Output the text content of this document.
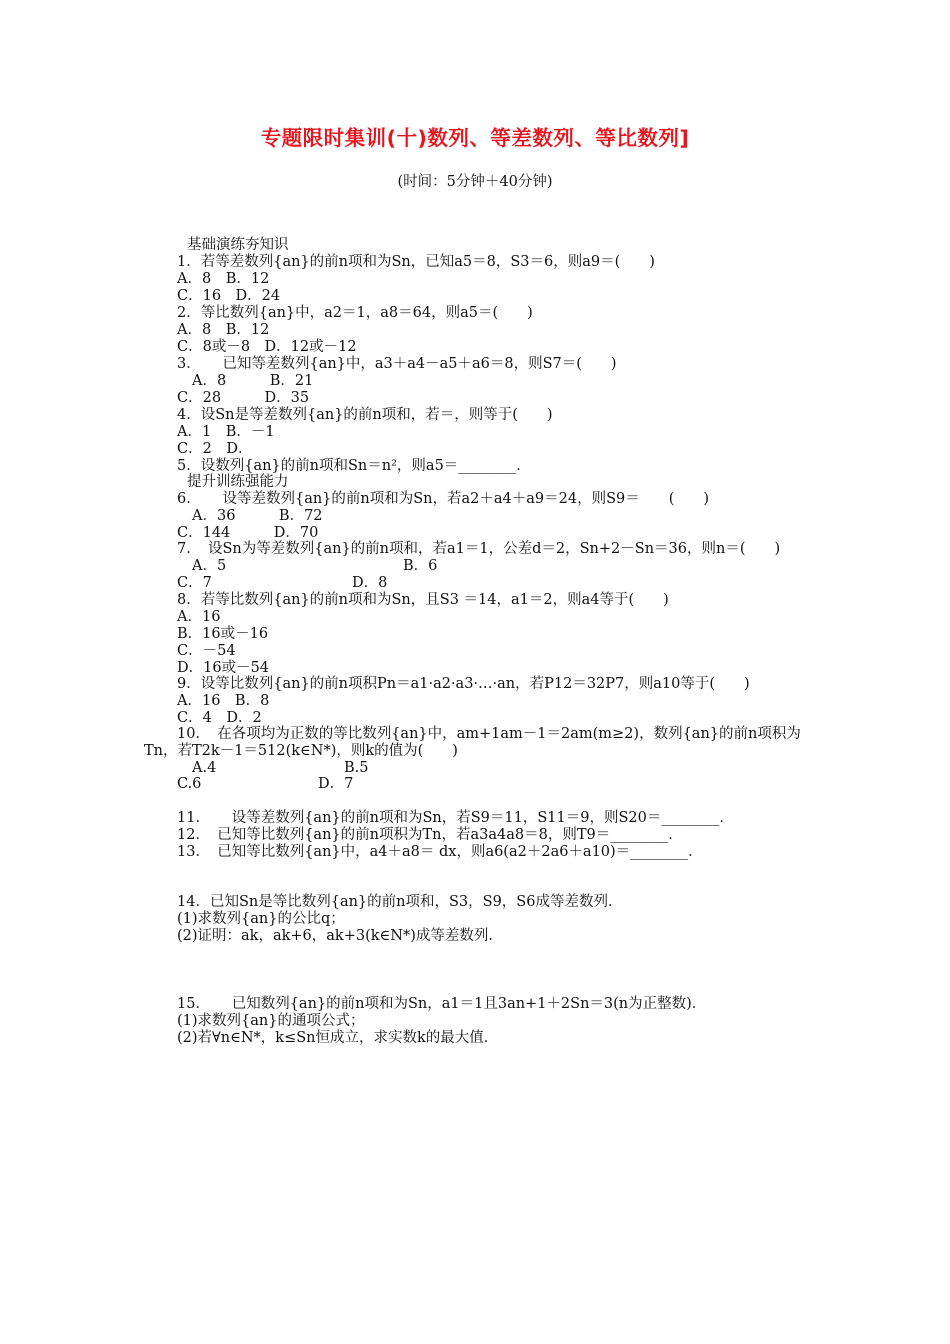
专题限时集训(十)数列、等差数列、等比数列]
(时间：5分钟＋40分钟)
基础演练夯知识
1．若等差数列{an}的前n项和为Sn，已知a5＝8，S3＝6，则a9＝(　　)
A．8　B．12
C．16　D．24
2．等比数列{an}中，a2＝1，a8＝64，则a5＝(　　)
A．8　B．12
C．8或－8　D．12或－12
3．　　已知等差数列{an}中，a3＋a4－a5＋a6＝8，则S7＝(　　)
A．8　　　B．21
C．28　　　D．35
4．设Sn是等差数列{an}的前n项和，若＝，则等于(　　)
A．1　B．－1
C．2　D．
5．设数列{an}的前n项和Sn＝n²，则a5＝________．
提升训练强能力
6．　　设等差数列{an}的前n项和为Sn，若a2＋a4＋a9＝24，则S9＝　　(　　)
A．36　　　B．72
C．144　　　D．70
7．　设Sn为等差数列{an}的前n项和，若a1＝1，公差d＝2，Sn+2－Sn＝36，则n＝(　　)
A．5	B．6
C．7	D．8
8．若等比数列{an}的前n项和为Sn，且S3 ＝14，a1＝2，则a4等于(　　)
A．16
B．16或－16
C．－54
D．16或－54
9．设等比数列{an}的前n项积Pn＝a1·a2·a3·…·an，若P12＝32P7，则a10等于(　　)
A．16　B．8
C．4　D．2
10．　在各项均为正数的等比数列{an}中，am+1am－1＝2am(m≥2)，数列{an}的前n项积为
Tn，若T2k－1＝512(k∈N*)，则k的值为(　　)
A.4	B.5
C.6	D．7
11．　　设等差数列{an}的前n项和为Sn，若S9＝11，S11＝9，则S20＝________．
12．　已知等比数列{an}的前n项积为Tn，若a3a4a8＝8，则T9＝________．
13．　已知等比数列{an}中，a4＋a8＝ dx，则a6(a2＋2a6＋a10)＝________．
14．已知Sn是等比数列{an}的前n项和，S3，S9，S6成等差数列．
(1)求数列{an}的公比q；
(2)证明：ak，ak+6，ak+3(k∈N*)成等差数列．
15．　　已知数列{an}的前n项和为Sn，a1＝1且3an+1＋2Sn＝3(n为正整数)．
(1)求数列{an}的通项公式；
(2)若∀n∈N*，k≤Sn恒成立，求实数k的最大值．
